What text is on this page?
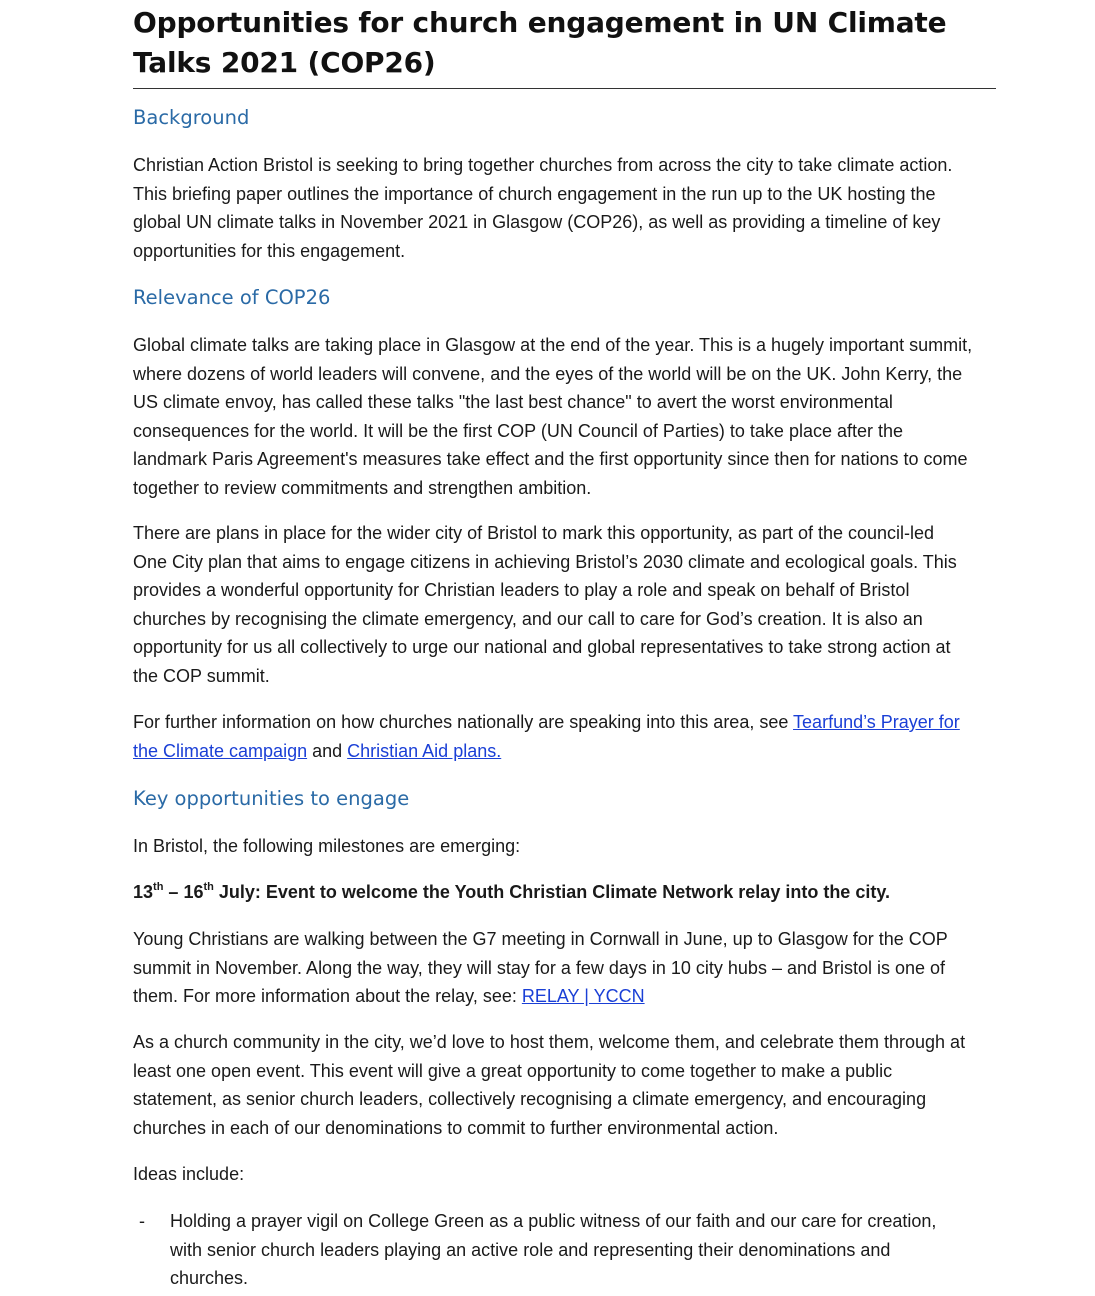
Opportunities for church engagement in UN Climate Talks 2021 (COP26)
Background

Christian Action Bristol is seeking to bring together churches from across the city to take climate action. This briefing paper outlines the importance of church engagement in the run up to the UK hosting the global UN climate talks in November 2021 in Glasgow (COP26), as well as providing a timeline of key opportunities for this engagement.

Relevance of COP26

Global climate talks are taking place in Glasgow at the end of the year. This is a hugely important summit, where dozens of world leaders will convene, and the eyes of the world will be on the UK. John Kerry, the US climate envoy, has called these talks "the last best chance" to avert the worst environmental consequences for the world. It will be the first COP (UN Council of Parties) to take place after the landmark Paris Agreement's measures take effect and the first opportunity since then for nations to come together to review commitments and strengthen ambition.

There are plans in place for the wider city of Bristol to mark this opportunity, as part of the council-led One City plan that aims to engage citizens in achieving Bristol’s 2030 climate and ecological goals. This provides a wonderful opportunity for Christian leaders to play a role and speak on behalf of Bristol churches by recognising the climate emergency, and our call to care for God’s creation. It is also an opportunity for us all collectively to urge our national and global representatives to take strong action at the COP summit.

For further information on how churches nationally are speaking into this area, see Tearfund’s Prayer for the Climate campaign and Christian Aid plans.

Key opportunities to engage

In Bristol, the following milestones are emerging:

13th – 16th July: Event to welcome the Youth Christian Climate Network relay into the city.

Young Christians are walking between the G7 meeting in Cornwall in June, up to Glasgow for the COP summit in November. Along the way, they will stay for a few days in 10 city hubs – and Bristol is one of them. For more information about the relay, see: RELAY | YCCN

As a church community in the city, we’d love to host them, welcome them, and celebrate them through at least one open event. This event will give a great opportunity to come together to make a public statement, as senior church leaders, collectively recognising a climate emergency, and encouraging churches in each of our denominations to commit to further environmental action.

Ideas include:

- Holding a prayer vigil on College Green as a public witness of our faith and our care for creation, with senior church leaders playing an active role and representing their denominations and churches.
